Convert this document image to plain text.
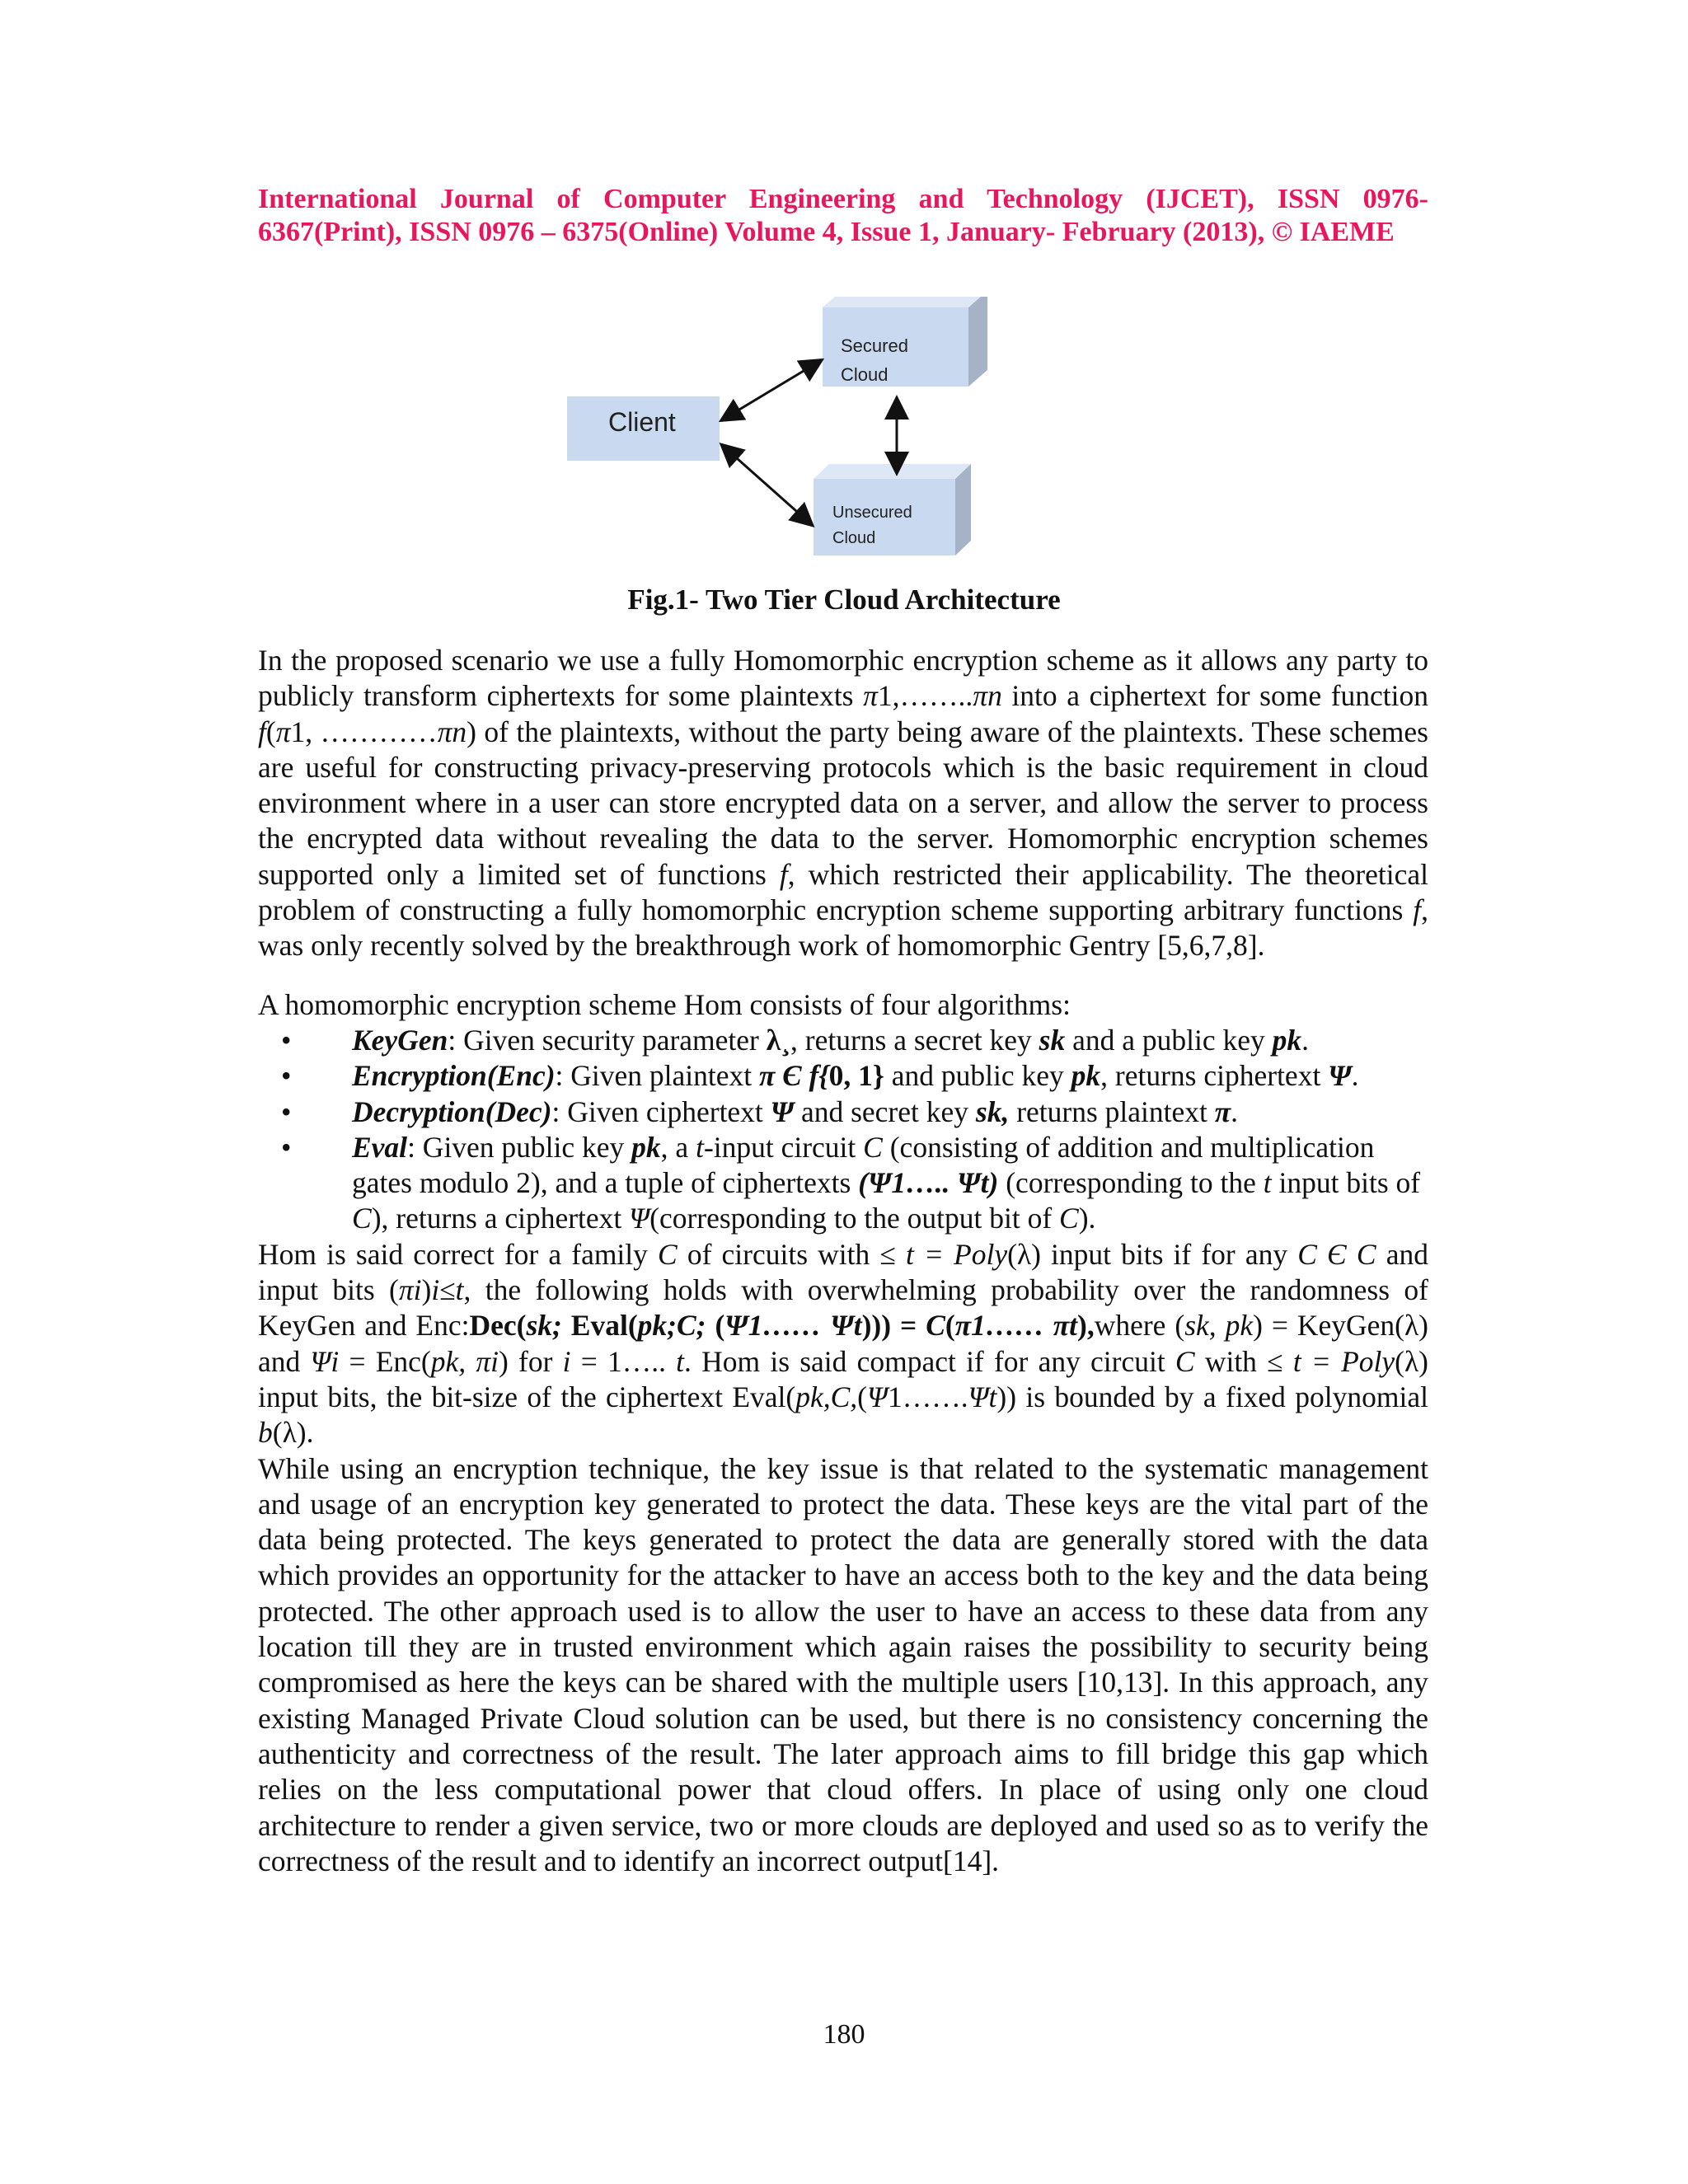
International Journal of Computer Engineering and Technology (IJCET), ISSN 0976-
6367(Print), ISSN 0976 – 6375(Online) Volume 4, Issue 1, January- February (2013), © IAEME
Client
Secured
Cloud
Unsecured
Cloud
Fig.1- Two Tier Cloud Architecture

In the proposed scenario we use a fully Homomorphic encryption scheme as it allows any party to publicly transform ciphertexts for some plaintexts π1,……..πn into a ciphertext for some function f(π1, …………πn) of the plaintexts, without the party being aware of the plaintexts. These schemes are useful for constructing privacy-preserving protocols which is the basic requirement in cloud environment where in a user can store encrypted data on a server, and allow the server to process the encrypted data without revealing the data to the server. Homomorphic encryption schemes supported only a limited set of functions f, which restricted their applicability. The theoretical problem of constructing a fully homomorphic encryption scheme supporting arbitrary functions f, was only recently solved by the breakthrough work of homomorphic Gentry [5,6,7,8].

A homomorphic encryption scheme Hom consists of four algorithms:

• KeyGen: Given security parameter λ¸, returns a secret key sk and a public key pk.
• Encryption(Enc): Given plaintext π Є f{0, 1} and public key pk, returns ciphertext Ψ.
• Decryption(Dec): Given ciphertext Ψ and secret key sk, returns plaintext π.
• Eval: Given public key pk, a t-input circuit C (consisting of addition and multiplication gates modulo 2), and a tuple of ciphertexts (Ψ1….. Ψt) (corresponding to the t input bits of C), returns a ciphertext Ψ(corresponding to the output bit of C).

Hom is said correct for a family C of circuits with ≤ t = Poly(λ) input bits if for any C Є C and input bits (πi)i≤t, the following holds with overwhelming probability over the randomness of KeyGen and Enc:Dec(sk; Eval(pk;C; (Ψ1…… Ψt))) = C(π1…… πt),where (sk, pk) = KeyGen(λ) and Ψi = Enc(pk, πi) for i = 1….. t. Hom is said compact if for any circuit C with ≤ t = Poly(λ) input bits, the bit-size of the ciphertext Eval(pk,C,(Ψ1…….Ψt)) is bounded by a fixed polynomial b(λ).

While using an encryption technique, the key issue is that related to the systematic management and usage of an encryption key generated to protect the data. These keys are the vital part of the data being protected. The keys generated to protect the data are generally stored with the data which provides an opportunity for the attacker to have an access both to the key and the data being protected. The other approach used is to allow the user to have an access to these data from any location till they are in trusted environment which again raises the possibility to security being compromised as here the keys can be shared with the multiple users [10,13]. In this approach, any existing Managed Private Cloud solution can be used, but there is no consistency concerning the authenticity and correctness of the result. The later approach aims to fill bridge this gap which relies on the less computational power that cloud offers. In place of using only one cloud architecture to render a given service, two or more clouds are deployed and used so as to verify the correctness of the result and to identify an incorrect output[14].

180
